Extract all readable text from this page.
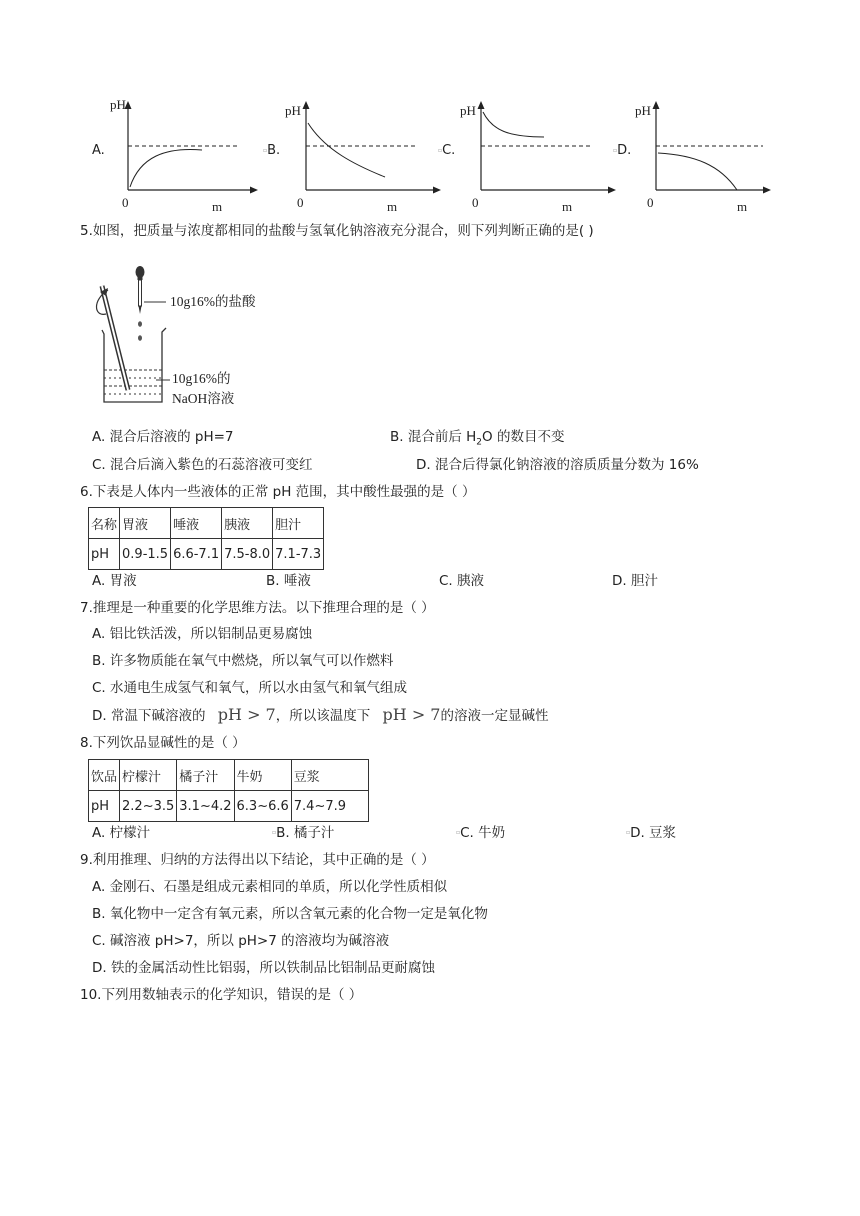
A.
pH
0	m
▫B.
pH
0	m
▫C.
pH
0	m
▫D.
pH
0	m
5.如图，把质量与浓度都相同的盐酸与氢氧化钠溶液充分混合，则下列判断正确的是( )
10g16%的盐酸
10g16%的
NaOH溶液
A. 混合后溶液的 pH=7	B. 混合前后 $H_2O$ 的数目不变
C. 混合后滴入紫色的石蕊溶液可变红	D. 混合后得氯化钠溶液的溶质质量分数为 16%
6.下表是人体内一些液体的正常 pH 范围，其中酸性最强的是（ ）
名称	胃液	唾液	胰液	胆汁
pH	0.9-1.5	6.6-7.1	7.5-8.0	7.1-7.3
A. 胃液	B. 唾液	C. 胰液	D. 胆汁
7.推理是一种重要的化学思维方法。以下推理合理的是（ ）
A. 铝比铁活泼，所以铝制品更易腐蚀
B. 许多物质能在氧气中燃烧，所以氧气可以作燃料
C. 水通电生成氢气和氧气，所以水由氢气和氧气组成
D. 常温下碱溶液的 pH > 7，所以该温度下 pH > 7的溶液一定显碱性
8.下列饮品显碱性的是（ ）
饮品	柠檬汁	橘子汁	牛奶	豆浆
pH	2.2~3.5	3.1~4.2	6.3~6.6	7.4~7.9
A. 柠檬汁	▫B. 橘子汁	▫C. 牛奶	▫D. 豆浆
9.利用推理、归纳的方法得出以下结论，其中正确的是（ ）
A. 金刚石、石墨是组成元素相同的单质，所以化学性质相似
B. 氧化物中一定含有氧元素，所以含氧元素的化合物一定是氧化物
C. 碱溶液 pH>7，所以 pH>7 的溶液均为碱溶液
D. 铁的金属活动性比铝弱，所以铁制品比铝制品更耐腐蚀
10.下列用数轴表示的化学知识，错误的是（ ）
